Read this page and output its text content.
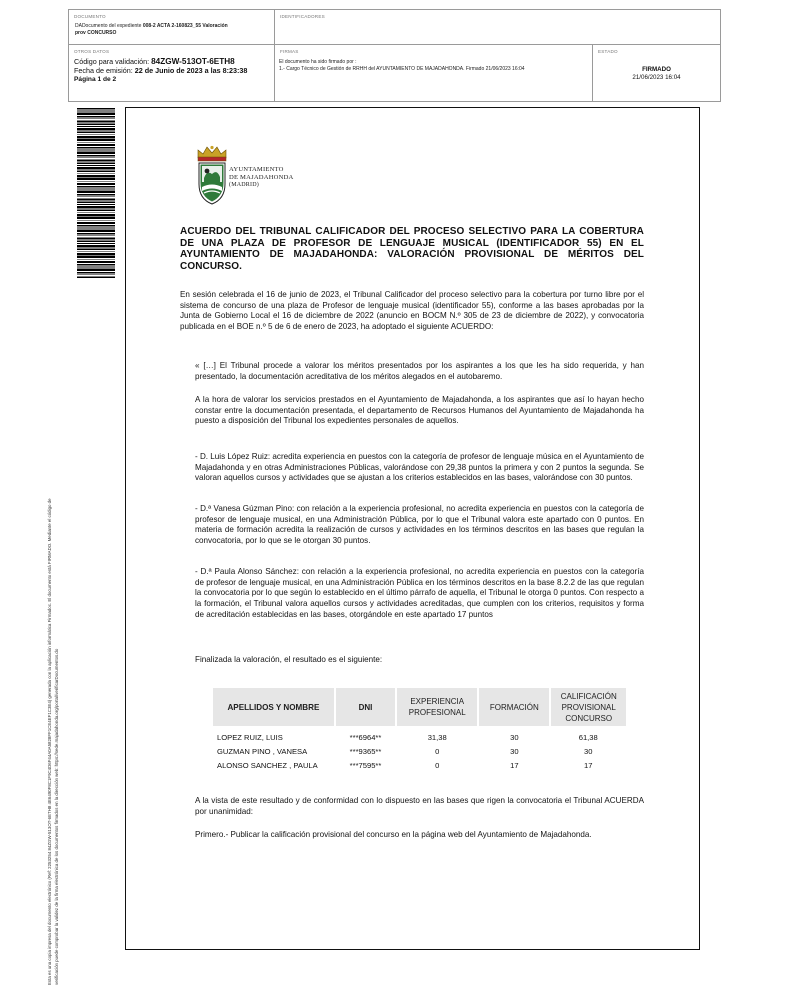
DOCUMENTO
DADocumento del expediente 008-2 ACTA 2-160823_55 Valoración
prov CONCURSO
IDENTIFICADORES
OTROS DATOS
Código para validación: 84ZGW-513OT-6ETH8
Fecha de emisión: 22 de Junio de 2023 a las 8:23:38
Página 1 de 2
FIRMAS
El documento ha sido firmado por :
1.- Cargo Técnico de Gestión de RRHH del AYUNTAMIENTO DE MAJADAHONDA. Firmado 21/06/2023 16:04
ESTADO
FIRMADO
21/06/2023 16:04
Esta es una copia impresa del documento electrónico (Ref: 2253254 84ZGW-513OT-6ETH8 4E6490F8C1F9C4D6F44A0A5828FF1CE4EF1C3E4) generada con la aplicación informática Firmadoc. El documento está FIRMADO. Mediante el código de verificación puede comprobar la validez de la firma electrónica de los documentos firmados en la dirección web: https://sede.majadahonda.org/portal/verificarDocumentos.do
AYUNTAMIENTO
DE MAJADAHONDA
(MADRID)
ACUERDO DEL TRIBUNAL CALIFICADOR DEL PROCESO SELECTIVO PARA LA COBERTURA DE UNA PLAZA DE PROFESOR DE LENGUAJE MUSICAL (IDENTIFICADOR 55) EN EL AYUNTAMIENTO DE MAJADAHONDA: VALORACIÓN PROVISIONAL DE MÉRITOS DEL CONCURSO.
En sesión celebrada el 16 de junio de 2023, el Tribunal Calificador del proceso selectivo para la cobertura por turno libre por el sistema de concurso de una plaza de Profesor de lenguaje musical (identificador 55), conforme a las bases aprobadas por la Junta de Gobierno Local el 16 de diciembre de 2022 (anuncio en BOCM N.º 305 de 23 de diciembre de 2022), y convocatoria publicada en el BOE n.º 5 de 6 de enero de 2023, ha adoptado el siguiente ACUERDO:
« […] El Tribunal procede a valorar los méritos presentados por los aspirantes a los que les ha sido requerida, y han presentado, la documentación acreditativa de los méritos alegados en el autobaremo.
A la hora de valorar los servicios prestados en el Ayuntamiento de Majadahonda, a los aspirantes que así lo hayan hecho constar entre la documentación presentada, el departamento de Recursos Humanos del Ayuntamiento de Majadahonda ha puesto a disposición del Tribunal los expedientes personales de aquellos.
- D. Luis López Ruiz: acredita experiencia en puestos con la categoría de profesor de lenguaje música en el Ayuntamiento de Majadahonda y en otras Administraciones Públicas, valorándose con 29,38 puntos la primera y con 2 puntos la segunda. Se valoran aquellos cursos y actividades que se ajustan a los criterios establecidos en las bases, valorándose con 30 puntos.
- D.ª Vanesa Gúzman Pino: con relación a la experiencia profesional, no acredita experiencia en puestos con la categoría de profesor de lenguaje musical, en una Administración Pública, por lo que el Tribunal valora este apartado con 0 puntos. En materia de formación acredita la realización de cursos y actividades en los términos descritos en las bases que regulan la convocatoria, por lo que se le otorgan 30 puntos.
- D.ª Paula Alonso Sánchez: con relación a la experiencia profesional, no acredita experiencia en puestos con la categoría de profesor de lenguaje musical, en una Administración Pública en los términos descritos en la base 8.2.2 de las que regulan la convocatoria por lo que según lo establecido en el último párrafo de aquella, el Tribunal le otorga 0 puntos. Con respecto a la formación, el Tribunal valora aquellos cursos y actividades acreditadas, que cumplen con los criterios, requisitos y forma de acreditación establecidas en las bases, otorgándole en este apartado 17 puntos
Finalizada la valoración, el resultado es el siguiente:
APELLIDOS Y NOMBRE	DNI	EXPERIENCIA PROFESIONAL	FORMACIÓN	CALIFICACIÓN PROVISIONAL CONCURSO

LOPEZ RUIZ, LUIS	***6964**	31,38	30	61,38
GUZMAN PINO , VANESA	***9365**	0	30	30
ALONSO SANCHEZ , PAULA	***7595**	0	17	17
A la vista de este resultado y de conformidad con lo dispuesto en las bases que rigen la convocatoria el Tribunal ACUERDA por unanimidad:
Primero.- Publicar la calificación provisional del concurso en la página web del Ayuntamiento de Majadahonda.
